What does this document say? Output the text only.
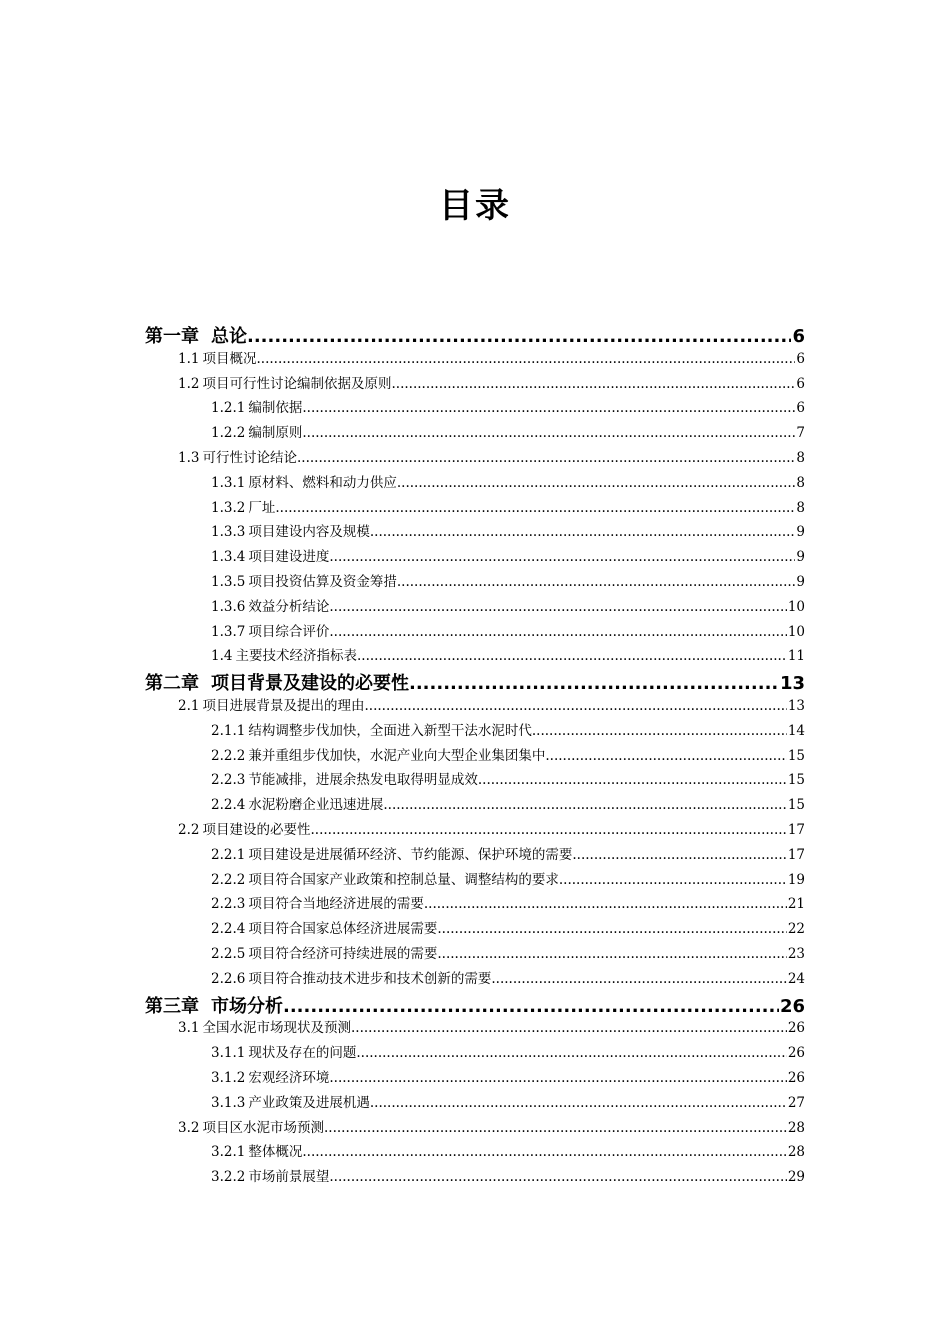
目录
第一章 总论 .....	6
1.1 项目概况 .....	6
1.2 项目可行性讨论编制依据及原则 .....	6
1.2.1 编制依据 .....	6
1.2.2 编制原则 .....	7
1.3 可行性讨论结论 .....	8
1.3.1 原材料、燃料和动力供应 .....	8
1.3.2 厂址 .....	8
1.3.3 项目建设内容及规模 .....	9
1.3.4 项目建设进度 .....	9
1.3.5 项目投资估算及资金筹措 .....	9
1.3.6 效益分析结论 .....	10
1.3.7 项目综合评价 .....	10
1.4 主要技术经济指标表 .....	11
第二章 项目背景及建设的必要性 .....	13
2.1 项目进展背景及提出的理由 .....	13
2.1.1 结构调整步伐加快，全面进入新型干法水泥时代 .....	14
2.2.2 兼并重组步伐加快，水泥产业向大型企业集团集中 .....	15
2.2.3 节能减排，进展余热发电取得明显成效 .....	15
2.2.4 水泥粉磨企业迅速进展 .....	15
2.2 项目建设的必要性 .....	17
2.2.1 项目建设是进展循环经济、节约能源、保护环境的需要 .....	17
2.2.2 项目符合国家产业政策和控制总量、调整结构的要求 .....	19
2.2.3 项目符合当地经济进展的需要 .....	21
2.2.4 项目符合国家总体经济进展需要 .....	22
2.2.5 项目符合经济可持续进展的需要 .....	23
2.2.6 项目符合推动技术进步和技术创新的需要 .....	24
第三章 市场分析 .....	26
3.1 全国水泥市场现状及预测 .....	26
3.1.1 现状及存在的问题 .....	26
3.1.2 宏观经济环境 .....	26
3.1.3 产业政策及进展机遇 .....	27
3.2 项目区水泥市场预测 .....	28
3.2.1 整体概况 .....	28
3.2.2 市场前景展望 .....	29
